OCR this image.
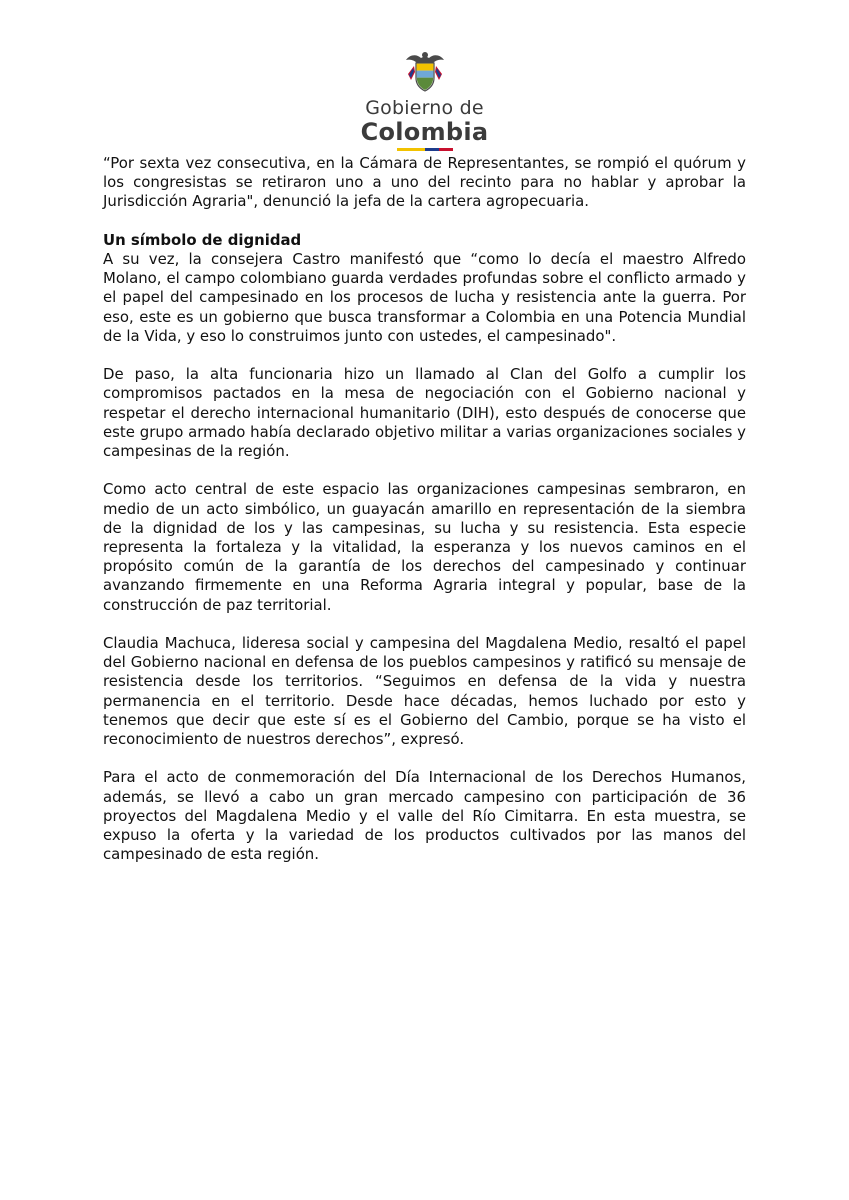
Gobierno de
Colombia

“Por sexta vez consecutiva, en la Cámara de Representantes, se rompió el quórum y los congresistas se retiraron uno a uno del recinto para no hablar y aprobar la Jurisdicción Agraria", denunció la jefa de la cartera agropecuaria.

Un símbolo de dignidad

A su vez, la consejera Castro manifestó que “como lo decía el maestro Alfredo Molano, el campo colombiano guarda verdades profundas sobre el conflicto armado y el papel del campesinado en los procesos de lucha y resistencia ante la guerra. Por eso, este es un gobierno que busca transformar a Colombia en una Potencia Mundial de la Vida, y eso lo construimos junto con ustedes, el campesinado".

De paso, la alta funcionaria hizo un llamado al Clan del Golfo a cumplir los compromisos pactados en la mesa de negociación con el Gobierno nacional y respetar el derecho internacional humanitario (DIH), esto después de conocerse que este grupo armado había declarado objetivo militar a varias organizaciones sociales y campesinas de la región.

Como acto central de este espacio las organizaciones campesinas sembraron, en medio de un acto simbólico, un guayacán amarillo en representación de la siembra de la dignidad de los y las campesinas, su lucha y su resistencia. Esta especie representa la fortaleza y la vitalidad, la esperanza y los nuevos caminos en el propósito común de la garantía de los derechos del campesinado y continuar avanzando firmemente en una Reforma Agraria integral y popular, base de la construcción de paz territorial.

Claudia Machuca, lideresa social y campesina del Magdalena Medio, resaltó el papel del Gobierno nacional en defensa de los pueblos campesinos y ratificó su mensaje de resistencia desde los territorios. “Seguimos en defensa de la vida y nuestra permanencia en el territorio. Desde hace décadas, hemos luchado por esto y tenemos que decir que este sí es el Gobierno del Cambio, porque se ha visto el reconocimiento de nuestros derechos”, expresó.

Para el acto de conmemoración del Día Internacional de los Derechos Humanos, además, se llevó a cabo un gran mercado campesino con participación de 36 proyectos del Magdalena Medio y el valle del Río Cimitarra. En esta muestra, se expuso la oferta y la variedad de los productos cultivados por las manos del campesinado de esta región.
